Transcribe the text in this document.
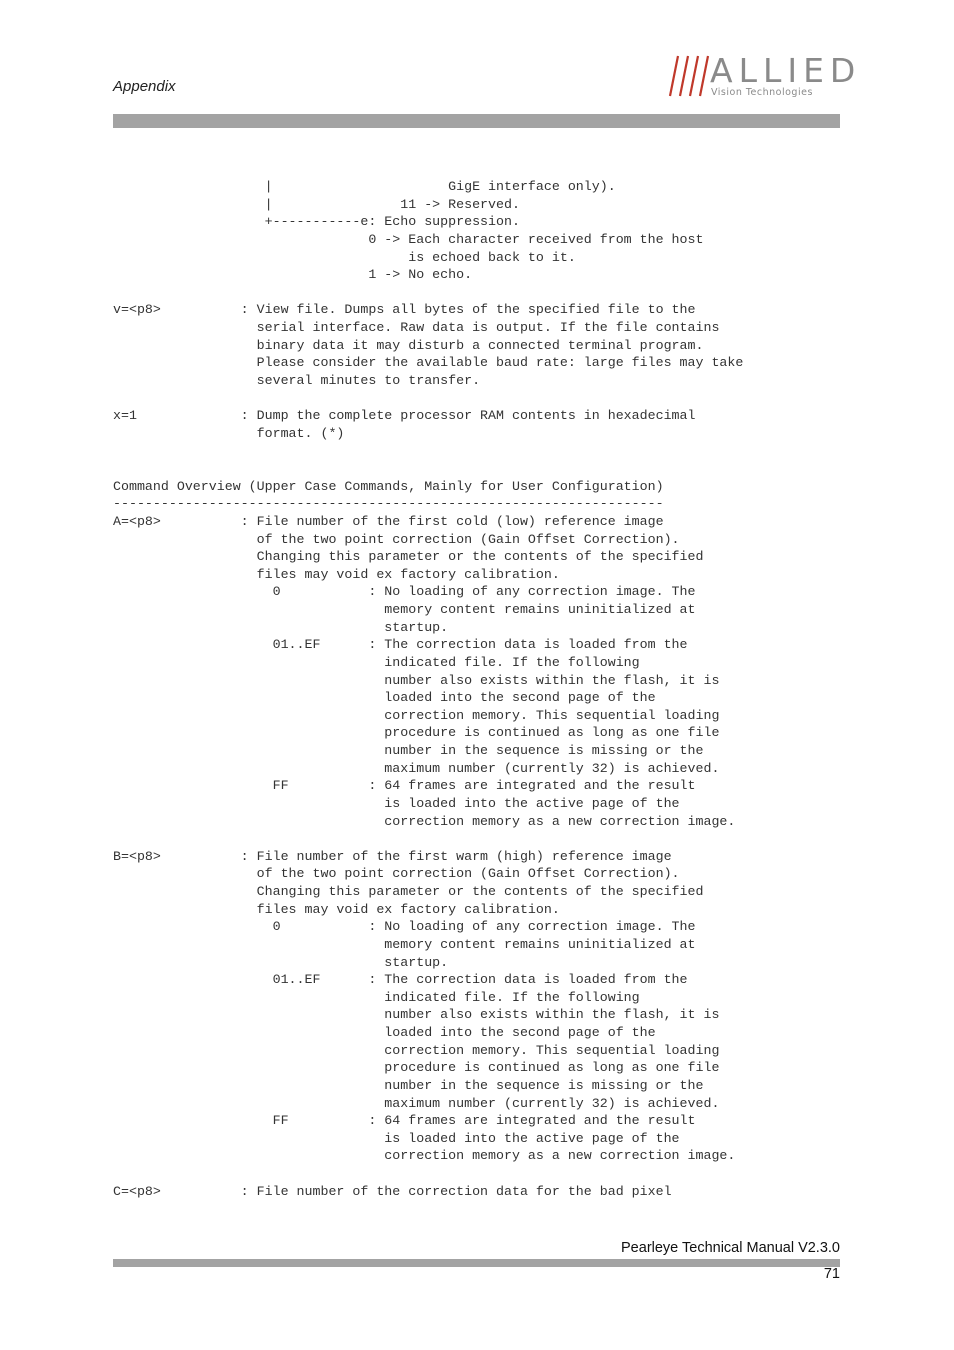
Appendix	ALLIED
Vision Technologies
|                      GigE interface only).
|                11 -> Reserved.
+-----------e: Echo suppression.
0 -> Each character received from the host
is echoed back to it.
1 -> No echo.

v=<p8>          : View file. Dumps all bytes of the specified file to the
serial interface. Raw data is output. If the file contains
binary data it may disturb a connected terminal program.
Please consider the available baud rate: large files may take
several minutes to transfer.

x=1             : Dump the complete processor RAM contents in hexadecimal
format. (*)

Command Overview (Upper Case Commands, Mainly for User Configuration)
---------------------------------------------------------------------
A=<p8>          : File number of the first cold (low) reference image
of the two point correction (Gain Offset Correction).
Changing this parameter or the contents of the specified
files may void ex factory calibration.
0           : No loading of any correction image. The
memory content remains uninitialized at
startup.
01..EF      : The correction data is loaded from the
indicated file. If the following
number also exists within the flash, it is
loaded into the second page of the
correction memory. This sequential loading
procedure is continued as long as one file
number in the sequence is missing or the
maximum number (currently 32) is achieved.
FF          : 64 frames are integrated and the result
is loaded into the active page of the
correction memory as a new correction image.

B=<p8>          : File number of the first warm (high) reference image
of the two point correction (Gain Offset Correction).
Changing this parameter or the contents of the specified
files may void ex factory calibration.
0           : No loading of any correction image. The
memory content remains uninitialized at
startup.
01..EF      : The correction data is loaded from the
indicated file. If the following
number also exists within the flash, it is
loaded into the second page of the
correction memory. This sequential loading
procedure is continued as long as one file
number in the sequence is missing or the
maximum number (currently 32) is achieved.
FF          : 64 frames are integrated and the result
is loaded into the active page of the
correction memory as a new correction image.

C=<p8>          : File number of the correction data for the bad pixel
Pearleye Technical Manual V2.3.0
71
